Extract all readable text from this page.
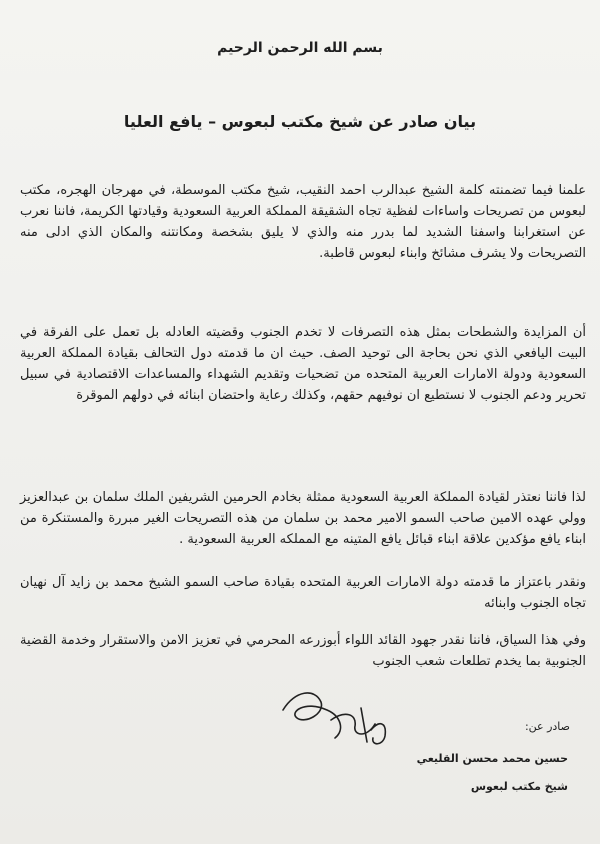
بسم الله الرحمن الرحيم
بيان صادر عن شيخ مكتب لبعوس – يافع العليا

علمنا فيما تضمنته كلمة الشيخ عبدالرب احمد النقيب، شيخ مكتب الموسطة، في مهرجان الهجره، مكتب لبعوس من تصريحات واساءات لفظية تجاه الشقيقة المملكة العربية السعودية وقيادتها الكريمة، فاننا نعرب عن استغرابنا واسفنا الشديد لما بدرر منه والذي لا يليق بشخصة ومكانتنه والمكان الذي ادلى منه التصريحات ولا يشرف مشائخ وابناء لبعوس قاطبة.

أن المزايدة والشطحات بمثل هذه التصرفات لا تخدم الجنوب وقضيته العادله بل تعمل على الفرقة في البيت اليافعي الذي نحن بحاجة الى توحيد الصف. حيث ان ما قدمته دول التحالف بقيادة المملكة العربية السعودية ودولة الامارات العربية المتحده من تضحيات وتقديم الشهداء والمساعدات الاقتصادية في سبيل تحرير ودعم الجنوب لا نستطيع ان نوفيهم حقهم، وكذلك رعاية واحتضان ابنائه في دولهم الموقرة

لذا فاننا نعتذر لقيادة المملكة العربية السعودية ممثلة بخادم الحرمين الشريفين الملك سلمان بن عبدالعزيز وولي عهده الامين صاحب السمو الامير محمد بن سلمان من هذه التصريحات الغير مبررة والمستنكرة من ابناء يافع مؤكدين علاقة ابناء قبائل يافع المتينه مع المملكه العربية السعودية .

ونقدر باعتزاز ما قدمته دولة الامارات العربية المتحده بقيادة صاحب السمو الشيخ محمد بن زايد آل نهيان تجاه الجنوب وابنائه

وفي هذا السياق، فاننا نقدر جهود القائد اللواء أبوزرعه المحرمي في تعزيز الامن والاستقرار وخدمة القضية الجنوبية بما يخدم تطلعات شعب الجنوب

صادر عن:

حسين محمد محسن القليعي

شيخ مكتب لبعوس
